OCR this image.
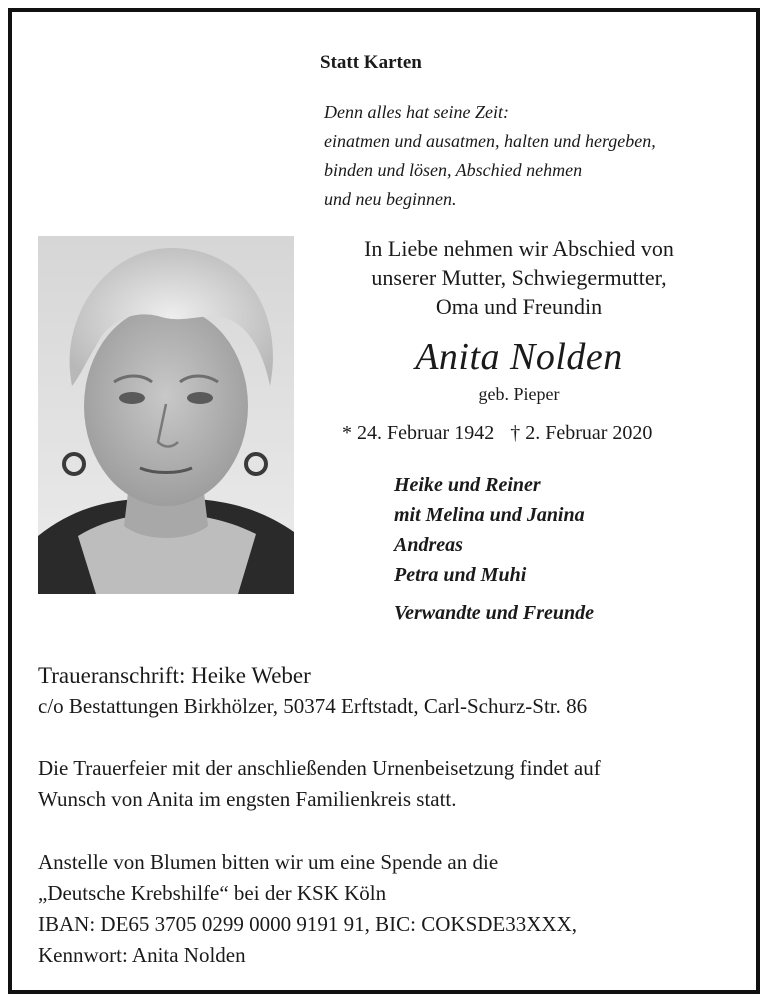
Statt Karten
Denn alles hat seine Zeit:
einatmen und ausatmen, halten und hergeben,
binden und lösen, Abschied nehmen
und neu beginnen.
In Liebe nehmen wir Abschied von
unserer Mutter, Schwiegermutter,
Oma und Freundin
Anita Nolden
geb. Pieper
* 24. Februar 1942 † 2. Februar 2020
Heike und Reiner
mit Melina und Janina
Andreas
Petra und Muhi
Verwandte und Freunde
Traueranschrift: Heike Weber
c/o Bestattungen Birkhölzer, 50374 Erftstadt, Carl-Schurz-Str. 86
Die Trauerfeier mit der anschließenden Urnenbeisetzung findet auf
Wunsch von Anita im engsten Familienkreis statt.
Anstelle von Blumen bitten wir um eine Spende an die
„Deutsche Krebshilfe“ bei der KSK Köln
IBAN: DE65 3705 0299 0000 9191 91, BIC: COKSDE33XXX,
Kennwort: Anita Nolden
